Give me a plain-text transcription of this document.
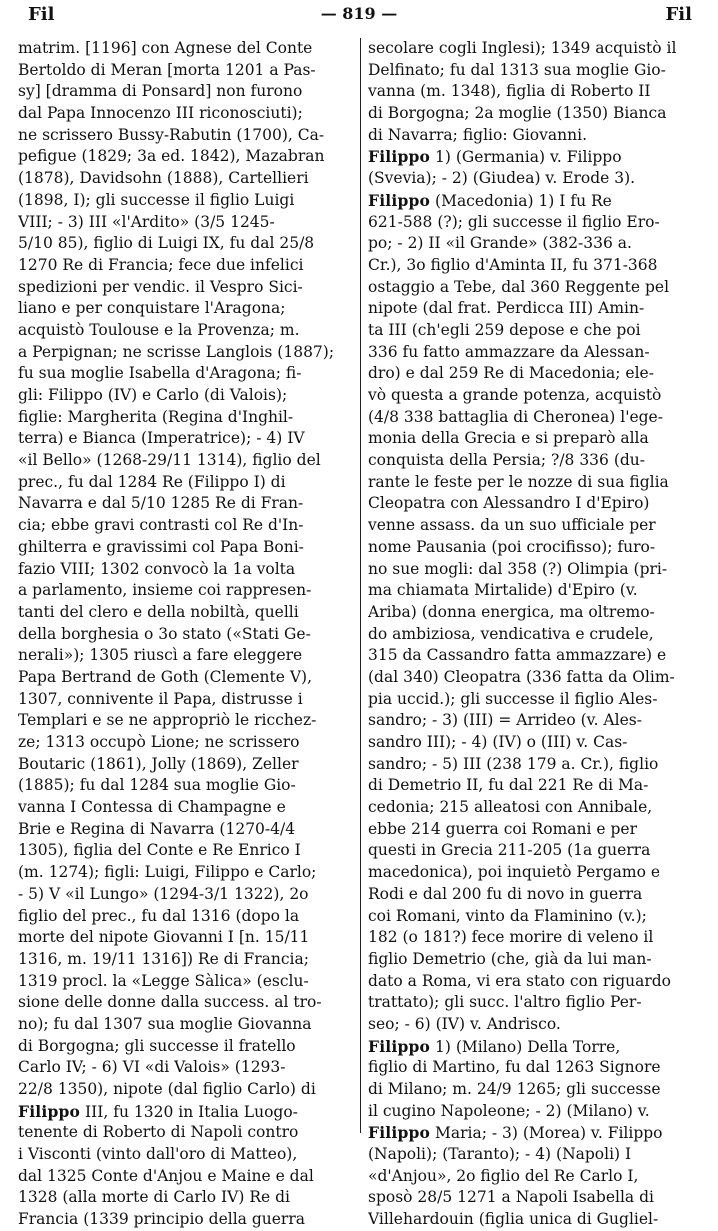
Fil	— 819 —	Fil
matrim. [1196] con Agnese del Conte
Bertoldo di Meran [morta 1201 a Pas-
sy] [dramma di Ponsard] non furono
dal Papa Innocenzo III riconosciuti);
ne scrissero Bussy-Rabutin (1700), Ca-
pefigue (1829; 3a ed. 1842), Mazabran
(1878), Davidsohn (1888), Cartellieri
(1898, I); gli successe il figlio Luigi
VIII; - 3) III «l'Ardito» (3/5 1245-
5/10 85), figlio di Luigi IX, fu dal 25/8
1270 Re di Francia; fece due infelici
spedizioni per vendic. il Vespro Sici-
liano e per conquistare l'Aragona;
acquistò Toulouse e la Provenza; m.
a Perpignan; ne scrisse Langlois (1887);
fu sua moglie Isabella d'Aragona; fi-
gli: Filippo (IV) e Carlo (di Valois);
figlie: Margherita (Regina d'Inghil-
terra) e Bianca (Imperatrice); - 4) IV
«il Bello» (1268-29/11 1314), figlio del
prec., fu dal 1284 Re (Filippo I) di
Navarra e dal 5/10 1285 Re di Fran-
cia; ebbe gravi contrasti col Re d'In-
ghilterra e gravissimi col Papa Boni-
fazio VIII; 1302 convocò la 1a volta
a parlamento, insieme coi rappresen-
tanti del clero e della nobiltà, quelli
della borghesia o 3o stato («Stati Ge-
nerali»); 1305 riuscì a fare eleggere
Papa Bertrand de Goth (Clemente V),
1307, connivente il Papa, distrusse i
Templari e se ne appropriò le ricchez-
ze; 1313 occupò Lione; ne scrissero
Boutaric (1861), Jolly (1869), Zeller
(1885); fu dal 1284 sua moglie Gio-
vanna I Contessa di Champagne e
Brie e Regina di Navarra (1270-4/4
1305), figlia del Conte e Re Enrico I
(m. 1274); figli: Luigi, Filippo e Carlo;
- 5) V «il Lungo» (1294-3/1 1322), 2o
figlio del prec., fu dal 1316 (dopo la
morte del nipote Giovanni I [n. 15/11
1316, m. 19/11 1316]) Re di Francia;
1319 procl. la «Legge Sàlica» (esclu-
sione delle donne dalla success. al tro-
no); fu dal 1307 sua moglie Giovanna
di Borgogna; gli successe il fratello
Carlo IV; - 6) VI «di Valois» (1293-
22/8 1350), nipote (dal figlio Carlo) di
Filippo III, fu 1320 in Italia Luogo-
tenente di Roberto di Napoli contro
i Visconti (vinto dall'oro di Matteo),
dal 1325 Conte d'Anjou e Maine e dal
1328 (alla morte di Carlo IV) Re di
Francia (1339 principio della guerra
secolare cogli Inglesi); 1349 acquistò il
Delfinato; fu dal 1313 sua moglie Gio-
vanna (m. 1348), figlia di Roberto II
di Borgogna; 2a moglie (1350) Bianca
di Navarra; figlio: Giovanni.
Filippo 1) (Germania) v. Filippo
(Svevia); - 2) (Giudea) v. Erode 3).
Filippo (Macedonia) 1) I fu Re
621-588 (?); gli successe il figlio Ero-
po; - 2) II «il Grande» (382-336 a.
Cr.), 3o figlio d'Aminta II, fu 371-368
ostaggio a Tebe, dal 360 Reggente pel
nipote (dal frat. Perdicca III) Amin-
ta III (ch'egli 259 depose e che poi
336 fu fatto ammazzare da Alessan-
dro) e dal 259 Re di Macedonia; ele-
vò questa a grande potenza, acquistò
(4/8 338 battaglia di Cheronea) l'ege-
monia della Grecia e si preparò alla
conquista della Persia; ?/8 336 (du-
rante le feste per le nozze di sua figlia
Cleopatra con Alessandro I d'Epiro)
venne assass. da un suo ufficiale per
nome Pausania (poi crocifisso); furo-
no sue mogli: dal 358 (?) Olimpia (pri-
ma chiamata Mirtalide) d'Epiro (v.
Ariba) (donna energica, ma oltremo-
do ambiziosa, vendicativa e crudele,
315 da Cassandro fatta ammazzare) e
(dal 340) Cleopatra (336 fatta da Olim-
pia uccid.); gli successe il figlio Ales-
sandro; - 3) (III) = Arrideo (v. Ales-
sandro III); - 4) (IV) o (III) v. Cas-
sandro; - 5) III (238 179 a. Cr.), figlio
di Demetrio II, fu dal 221 Re di Ma-
cedonia; 215 alleatosi con Annibale,
ebbe 214 guerra coi Romani e per
questi in Grecia 211-205 (1a guerra
macedonica), poi inquietò Pergamo e
Rodi e dal 200 fu di novo in guerra
coi Romani, vinto da Flaminino (v.);
182 (o 181?) fece morire di veleno il
figlio Demetrio (che, già da lui man-
dato a Roma, vi era stato con riguardo
trattato); gli succ. l'altro figlio Per-
seo; - 6) (IV) v. Andrisco.
Filippo 1) (Milano) Della Torre,
figlio di Martino, fu dal 1263 Signore
di Milano; m. 24/9 1265; gli successe
il cugino Napoleone; - 2) (Milano) v.
Filippo Maria; - 3) (Morea) v. Filippo
(Napoli); (Taranto); - 4) (Napoli) I
«d'Anjou», 2o figlio del Re Carlo I,
sposò 28/5 1271 a Napoli Isabella di
Villehardouin (figlia unica di Gugliel-
